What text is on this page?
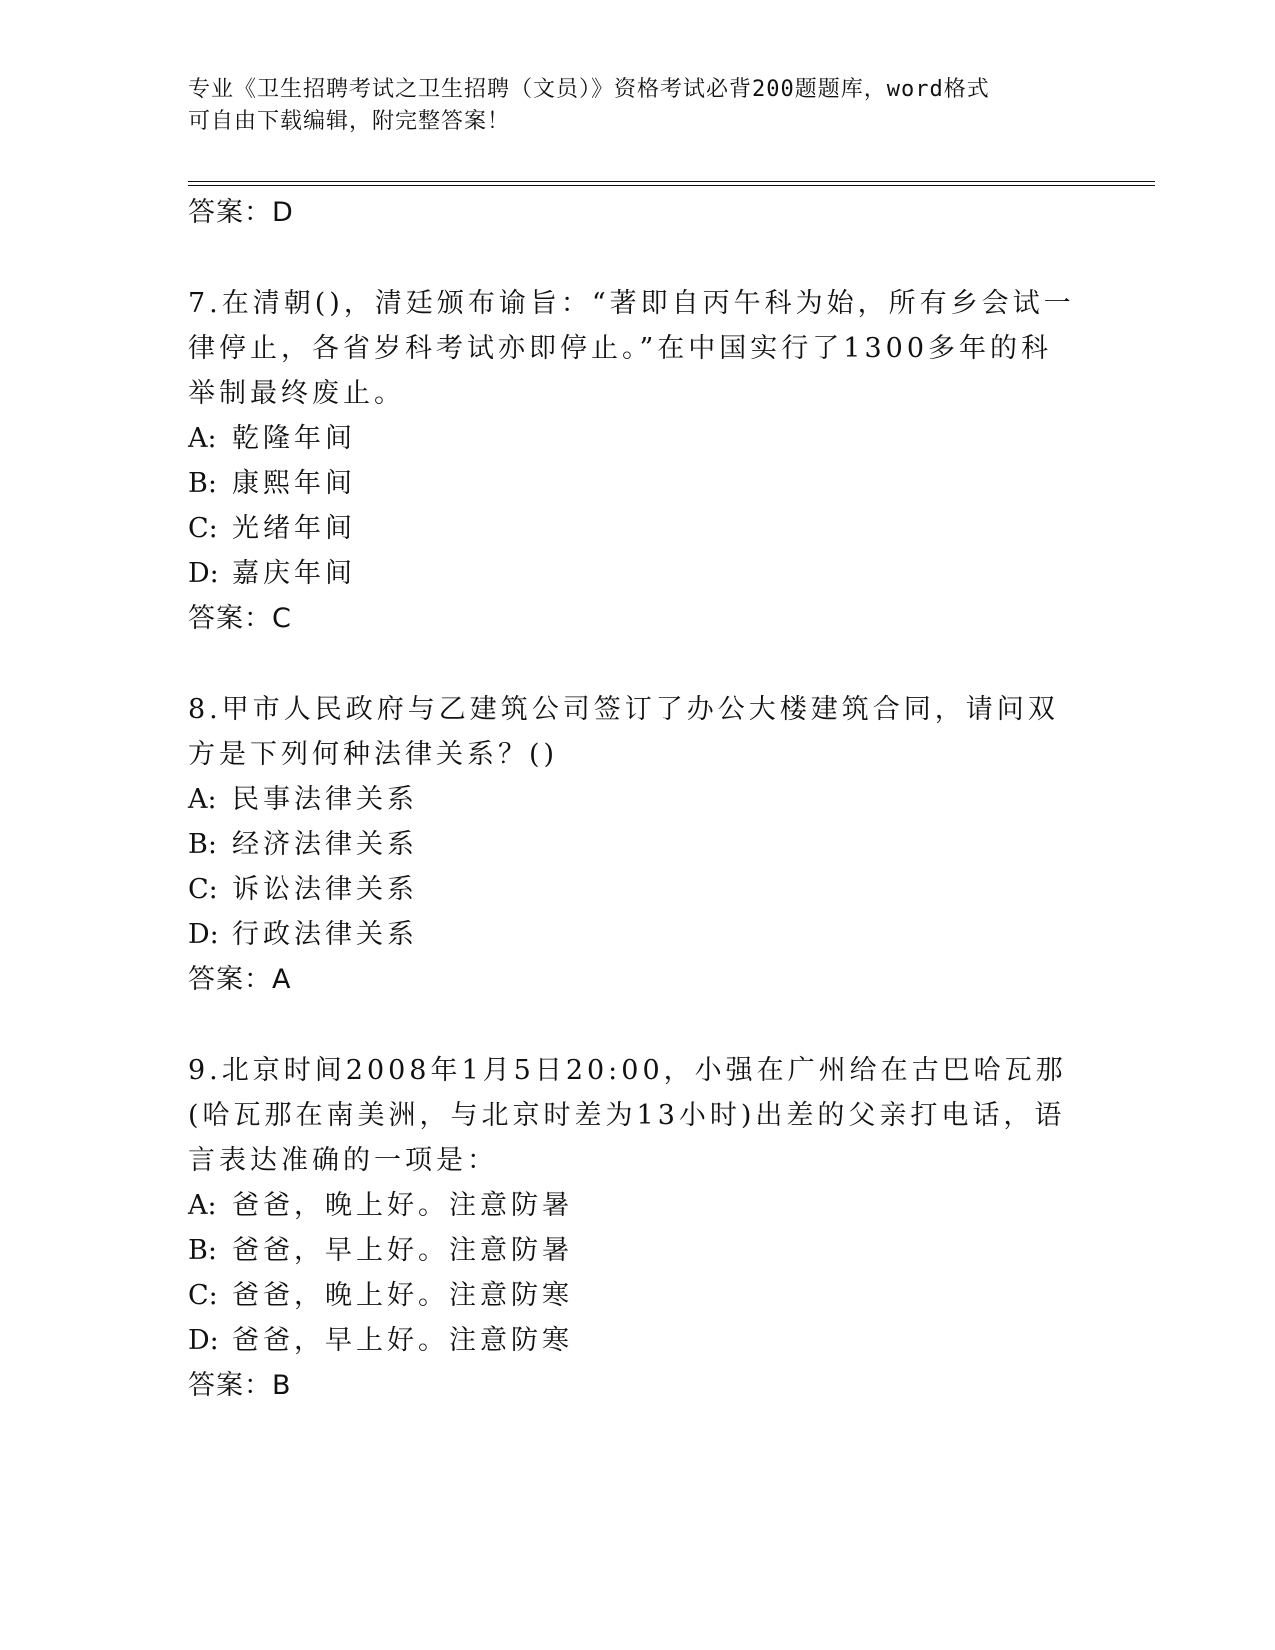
专业《卫生招聘考试之卫生招聘（文员）》资格考试必背200题题库，word格式
可自由下载编辑，附完整答案！
答案：D

7.在清朝()，清廷颁布谕旨：“著即自丙午科为始，所有乡会试一律停止，各省岁科考试亦即停止。”在中国实行了1300多年的科举制最终废止。

A: 乾隆年间
B: 康熙年间
C: 光绪年间
D: 嘉庆年间
答案：C

8.甲市人民政府与乙建筑公司签订了办公大楼建筑合同，请问双方是下列何种法律关系？()

A: 民事法律关系
B: 经济法律关系
C: 诉讼法律关系
D: 行政法律关系
答案：A

9.北京时间2008年1月5日20:00，小强在广州给在古巴哈瓦那(哈瓦那在南美洲，与北京时差为13小时)出差的父亲打电话，语言表达准确的一项是：

A: 爸爸，晚上好。注意防暑
B: 爸爸，早上好。注意防暑
C: 爸爸，晚上好。注意防寒
D: 爸爸，早上好。注意防寒
答案：B
